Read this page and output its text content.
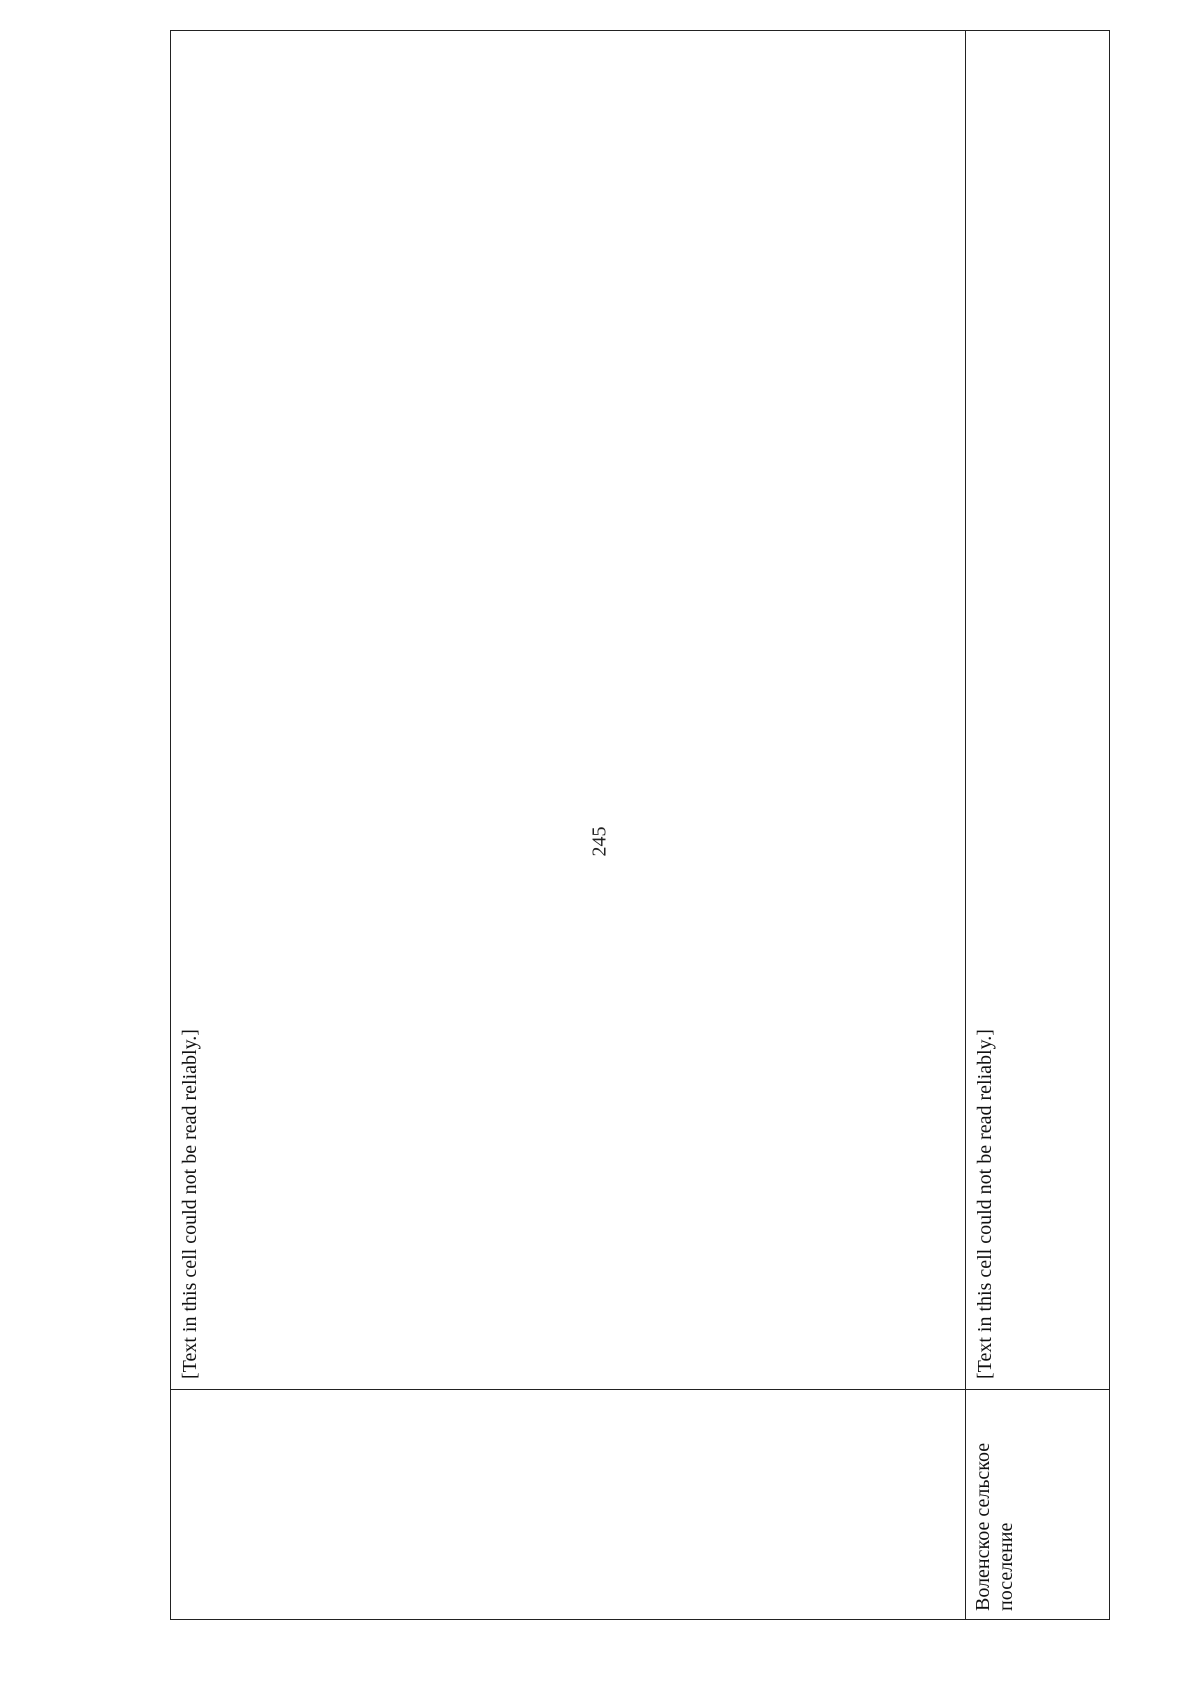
245
[Text in this cell could not be read reliably.]
Воленское сельское поселение
[Text in this cell could not be read reliably.]
